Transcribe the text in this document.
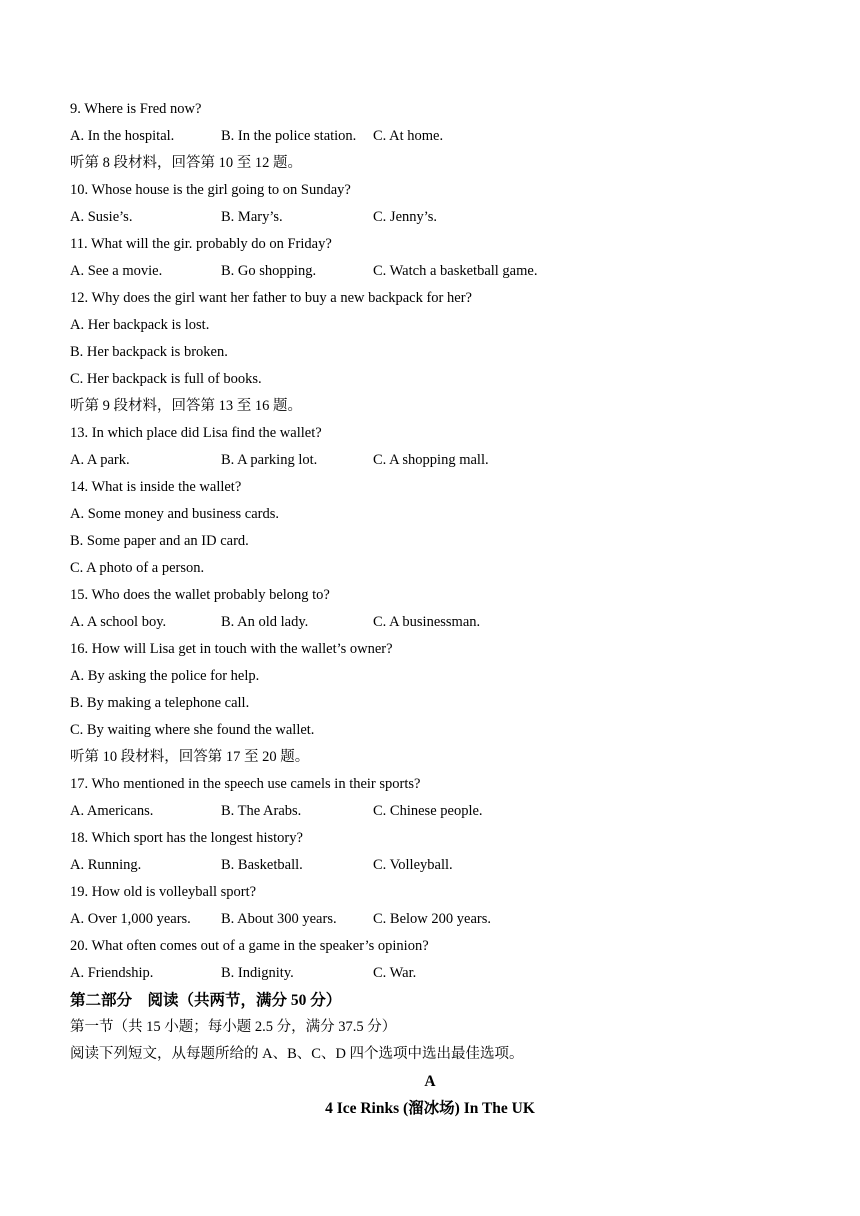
9. Where is Fred now?
A. In the hospital.	B. In the police station. C. At home.
听第 8 段材料，回答第 10 至 12 题。
10. Whose house is the girl going to on Sunday?
A. Susie’s.	B. Mary’s.	C. Jenny’s.
11. What will the gir. probably do on Friday?
A. See a movie.	B. Go shopping.	C. Watch a basketball game.
12. Why does the girl want her father to buy a new backpack for her?
A. Her backpack is lost.
B. Her backpack is broken.
C. Her backpack is full of books.
听第 9 段材料，回答第 13 至 16 题。
13. In which place did Lisa find the wallet?
A. A park.	B. A parking lot.	C. A shopping mall.
14. What is inside the wallet?
A. Some money and business cards.
B. Some paper and an ID card.
C. A photo of a person.
15. Who does the wallet probably belong to?
A. A school boy.	B. An old lady.	C. A businessman.
16. How will Lisa get in touch with the wallet’s owner?
A. By asking the police for help.
B. By making a telephone call.
C. By waiting where she found the wallet.
听第 10 段材料，回答第 17 至 20 题。
17. Who mentioned in the speech use camels in their sports?
A. Americans.	B. The Arabs.	C. Chinese people.
18. Which sport has the longest history?
A. Running.	B. Basketball.	C. Volleyball.
19. How old is volleyball sport?
A. Over 1,000 years. B. About 300 years.	C. Below 200 years.
20. What often comes out of a game in the speaker’s opinion?
A. Friendship.	B. Indignity.	C. War.
第二部分　阅读（共两节，满分 50 分）
第一节（共 15 小题；每小题 2.5 分，满分 37.5 分）
阅读下列短文，从每题所给的 A、B、C、D 四个选项中选出最佳选项。
A
4 Ice Rinks (溜冰场) In The UK
